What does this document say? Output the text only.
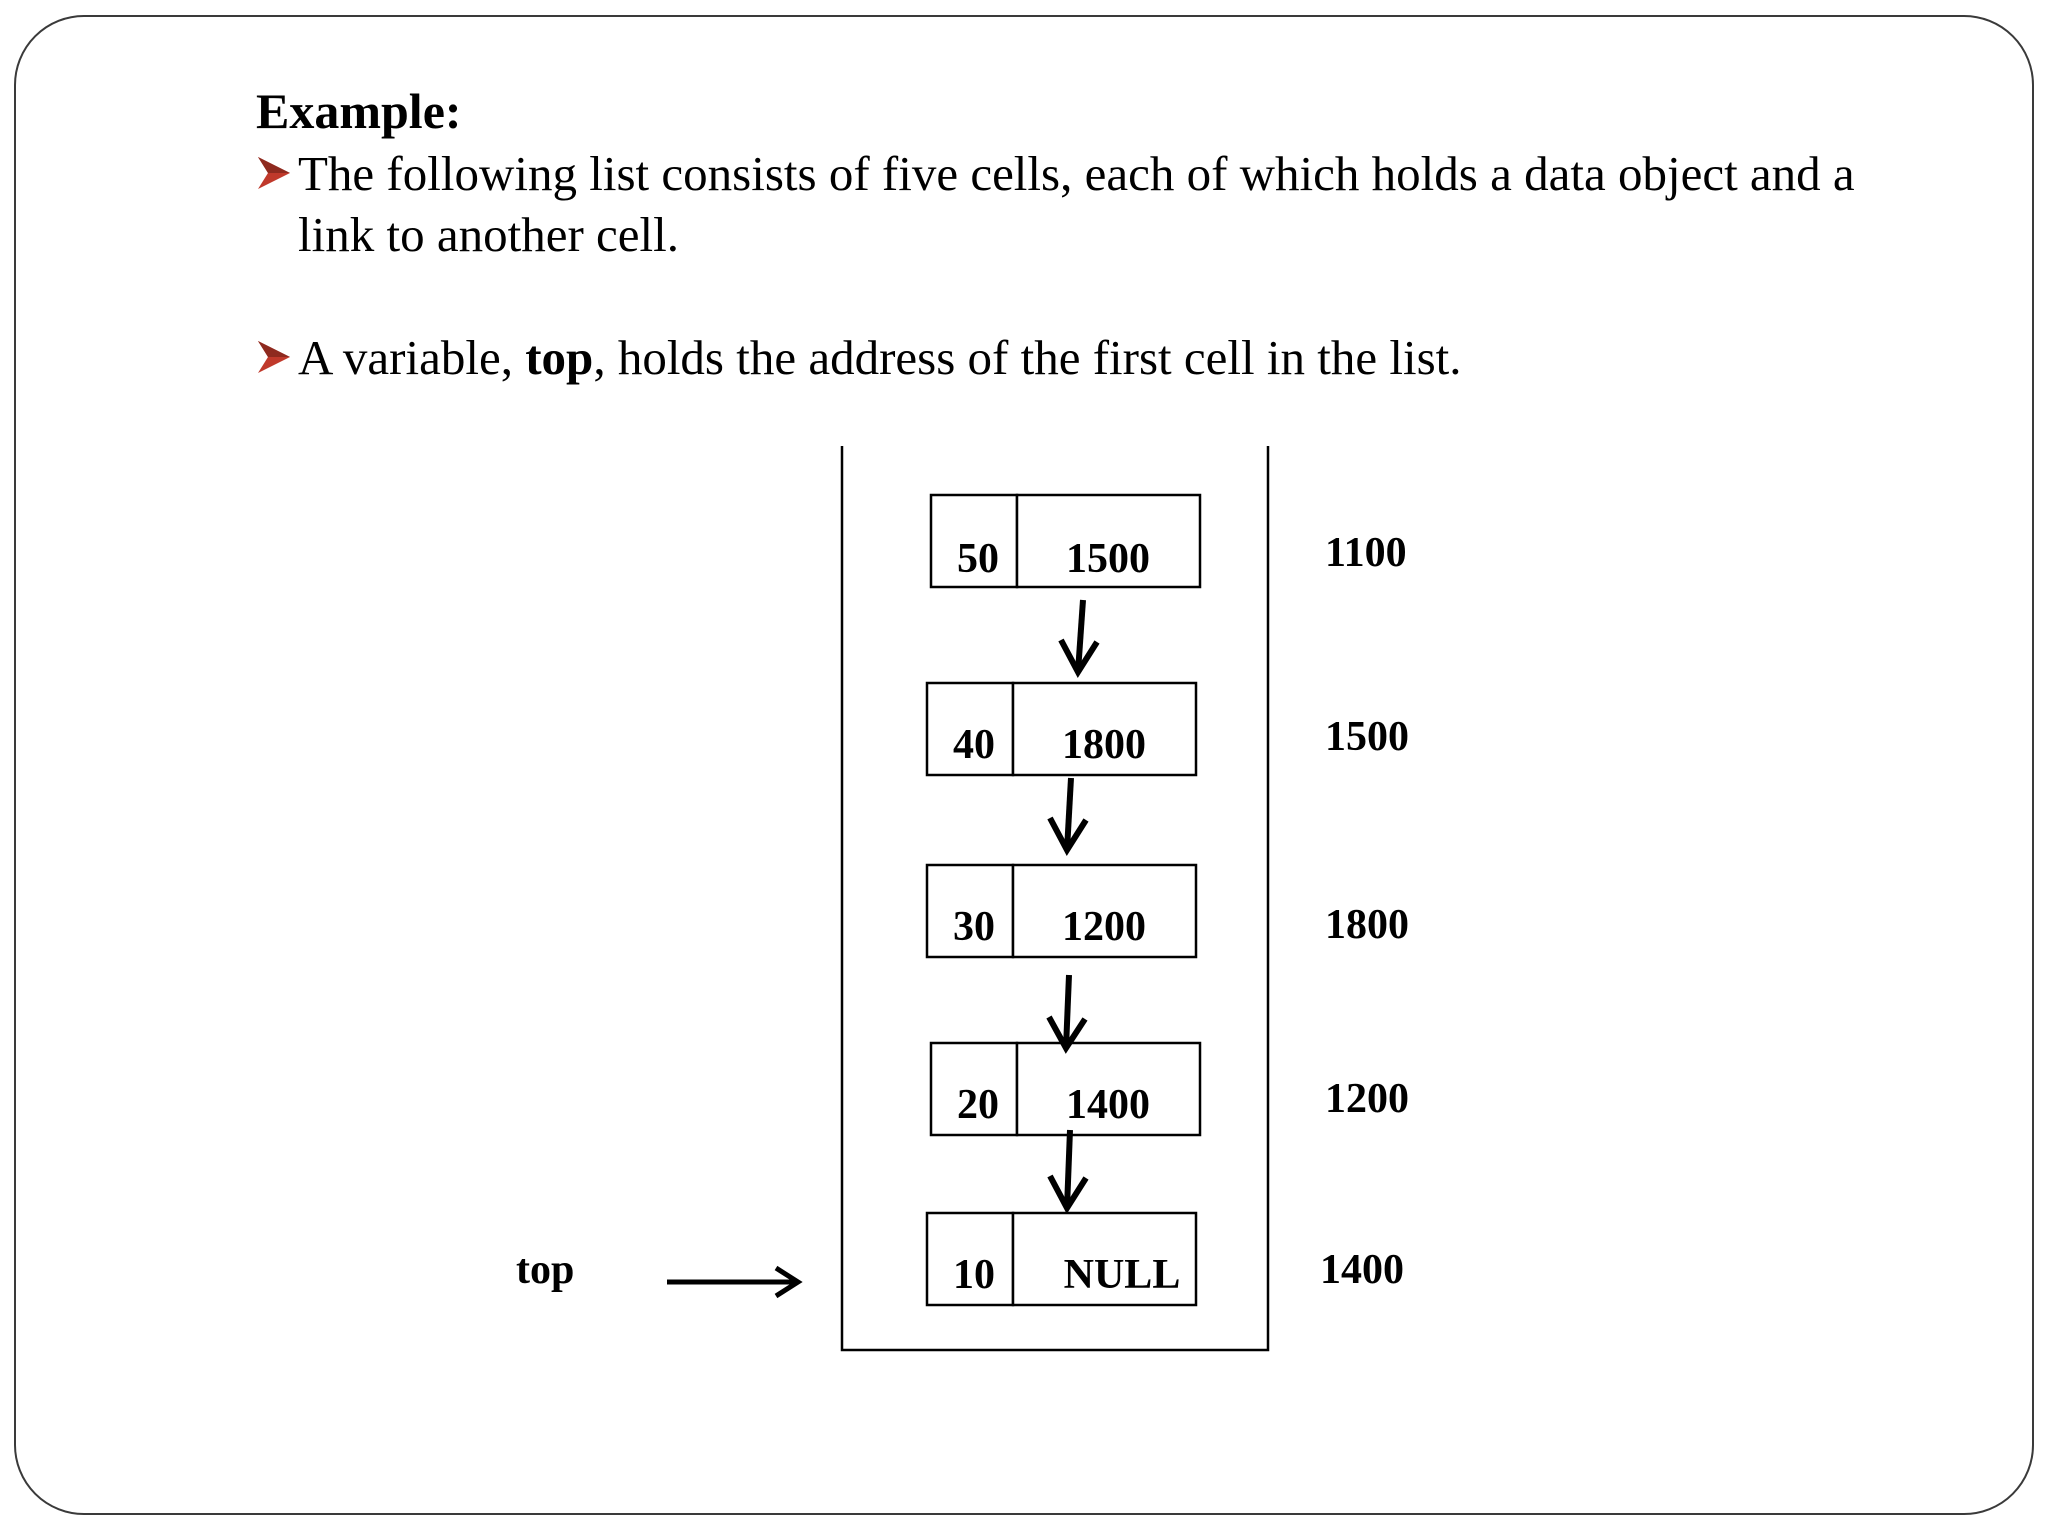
Example:
The following list consists of five cells, each of which holds a data object and a link to another cell.
A variable, top, holds the address of the first cell in the list.
50 1500	1100
40 1800	1500
30 1200	1800
20 1400	1200
10 NULL	1400
top
